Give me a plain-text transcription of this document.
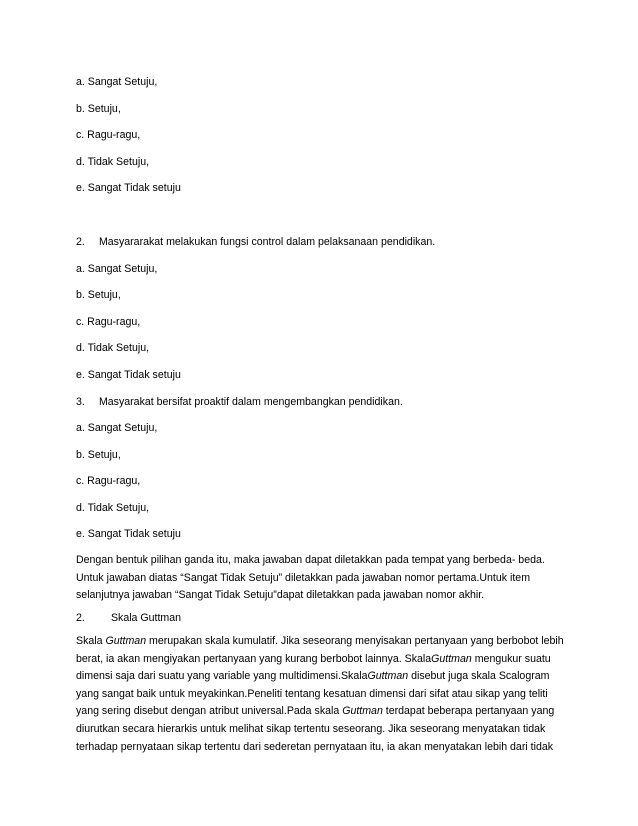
a. Sangat Setuju,
b. Setuju,
c. Ragu-ragu,
d. Tidak Setuju,
e. Sangat Tidak setuju
2. Masyararakat melakukan fungsi control dalam pelaksanaan pendidikan.
a. Sangat Setuju,
b. Setuju,
c. Ragu-ragu,
d. Tidak Setuju,
e. Sangat Tidak setuju
3. Masyarakat bersifat proaktif dalam mengembangkan pendidikan.
a. Sangat Setuju,
b. Setuju,
c. Ragu-ragu,
d. Tidak Setuju,
e. Sangat Tidak setuju
Dengan bentuk pilihan ganda itu, maka jawaban dapat diletakkan pada tempat yang berbeda- beda.
Untuk jawaban diatas “Sangat Tidak Setuju” diletakkan pada jawaban nomor pertama.Untuk item
selanjutnya jawaban “Sangat Tidak Setuju”dapat diletakkan pada jawaban nomor akhir.
2. Skala Guttman
Skala Guttman merupakan skala kumulatif. Jika seseorang menyisakan pertanyaan yang berbobot lebih
berat, ia akan mengiyakan pertanyaan yang kurang berbobot lainnya. SkalaGuttman mengukur suatu
dimensi saja dari suatu yang variable yang multidimensi.SkalaGuttman disebut juga skala Scalogram
yang sangat baik untuk meyakinkan.Peneliti tentang kesatuan dimensi dari sifat atau sikap yang teliti
yang sering disebut dengan atribut universal.Pada skala Guttman terdapat beberapa pertanyaan yang
diurutkan secara hierarkis untuk melihat sikap tertentu seseorang. Jika seseorang menyatakan tidak
terhadap pernyataan sikap tertentu dari sederetan pernyataan itu, ia akan menyatakan lebih dari tidak
